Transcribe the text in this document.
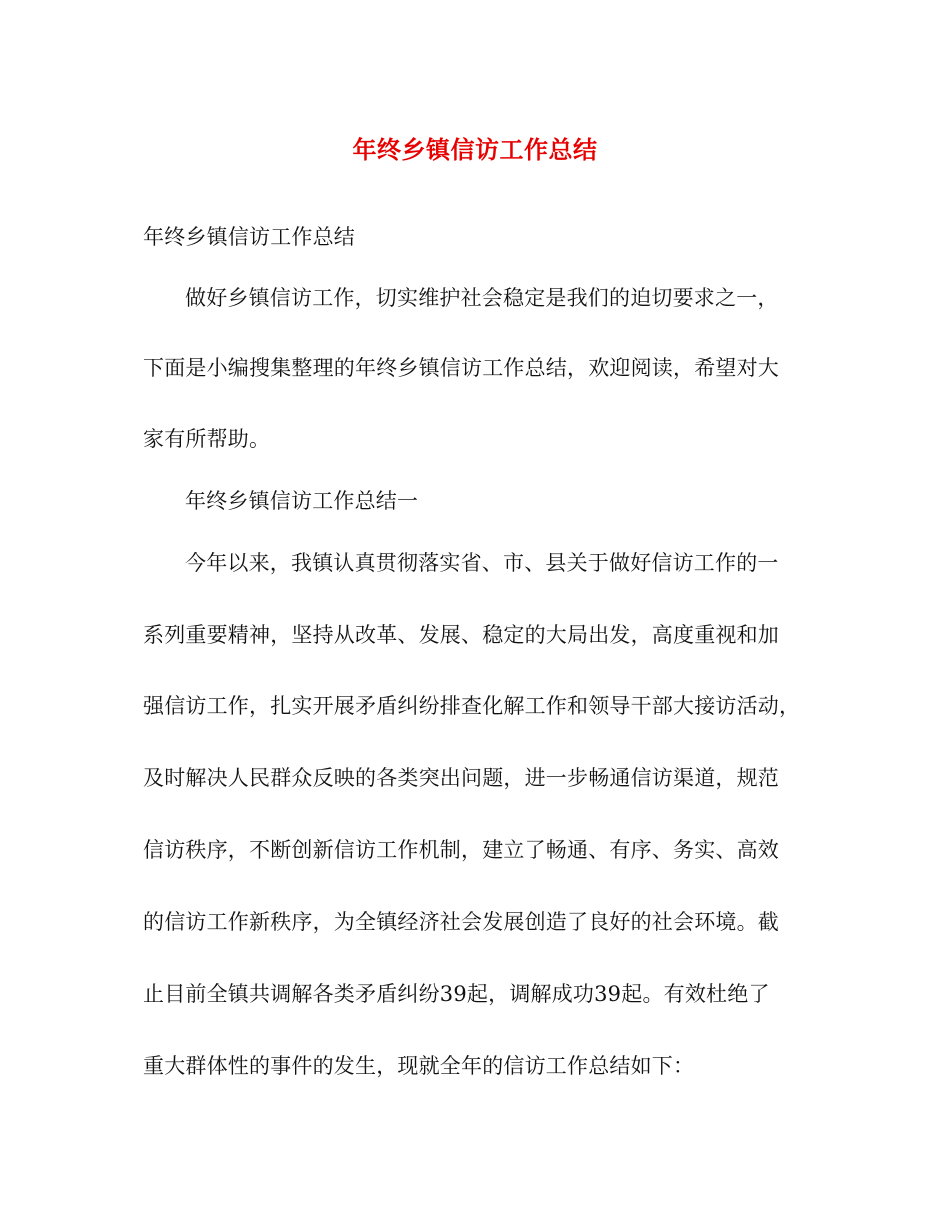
年终乡镇信访工作总结
年终乡镇信访工作总结
做好乡镇信访工作，切实维护社会稳定是我们的迫切要求之一，
下面是小编搜集整理的年终乡镇信访工作总结，欢迎阅读，希望对大
家有所帮助。
年终乡镇信访工作总结一
今年以来，我镇认真贯彻落实省、市、县关于做好信访工作的一
系列重要精神，坚持从改革、发展、稳定的大局出发，高度重视和加
强信访工作，扎实开展矛盾纠纷排查化解工作和领导干部大接访活动，
及时解决人民群众反映的各类突出问题，进一步畅通信访渠道，规范
信访秩序，不断创新信访工作机制，建立了畅通、有序、务实、高效
的信访工作新秩序，为全镇经济社会发展创造了良好的社会环境。截
止目前全镇共调解各类矛盾纠纷39起，调解成功39起。有效杜绝了
重大群体性的事件的发生，现就全年的信访工作总结如下：
